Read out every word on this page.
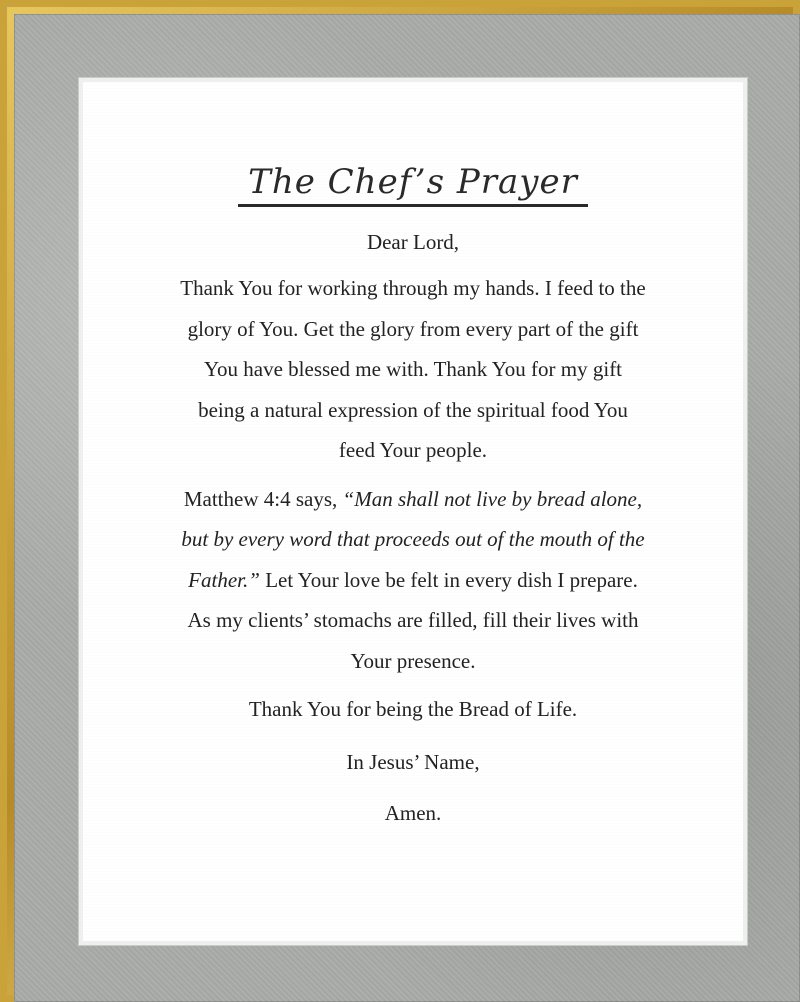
The Chef’s Prayer

Dear Lord,

Thank You for working through my hands. I feed to the

glory of You. Get the glory from every part of the gift

You have blessed me with. Thank You for my gift

being a natural expression of the spiritual food You

feed Your people.

Matthew 4:4 says, “Man shall not live by bread alone,

but by every word that proceeds out of the mouth of the

Father.” Let Your love be felt in every dish I prepare.

As my clients’ stomachs are filled, fill their lives with

Your presence.

Thank You for being the Bread of Life.

In Jesus’ Name,

Amen.
